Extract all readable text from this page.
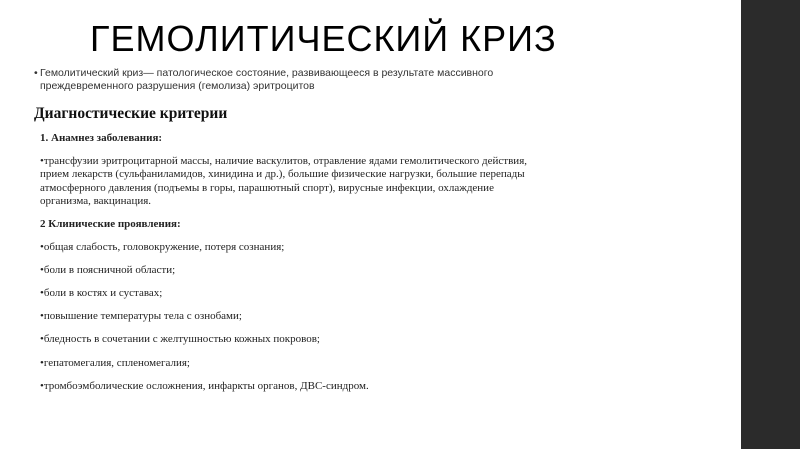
ГЕМОЛИТИЧЕСКИЙ КРИЗ
• Гемолитический криз— патологическое состояние, развивающееся в результате массивного
преждевременного разрушения (гемолиза) эритроцитов
Диагностические критерии
1. Анамнез заболевания:
•трансфузии эритроцитарной массы, наличие васкулитов, отравление ядами гемолитического действия,
прием лекарств (сульфаниламидов, хинидина и др.), большие физические нагрузки, большие перепады
атмосферного давления (подъемы в горы, парашютный спорт), вирусные инфекции, охлаждение
организма, вакцинация.
2 Клинические проявления:
•общая слабость, головокружение, потеря сознания;
•боли в поясничной области;
•боли в костях и суставах;
•повышение температуры тела с ознобами;
•бледность в сочетании с желтушностью кожных покровов;
•гепатомегалия, спленомегалия;
•тромбоэмболические осложнения, инфаркты органов, ДВС-синдром.
